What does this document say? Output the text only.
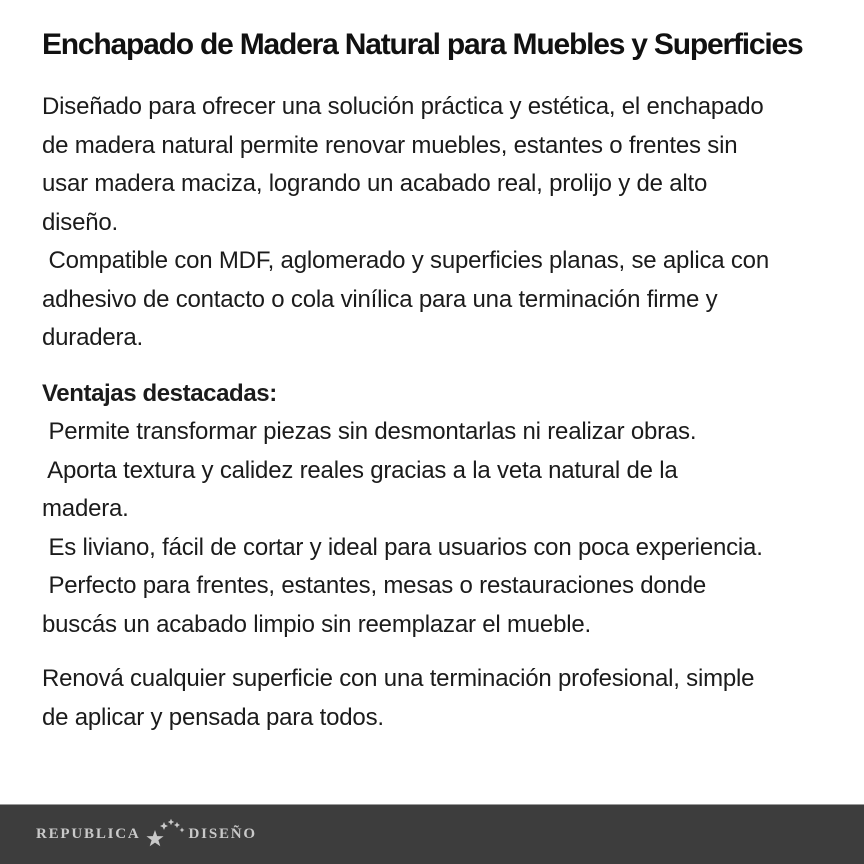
Enchapado de Madera Natural para Muebles y Superficies
Diseñado para ofrecer una solución práctica y estética, el enchapado
de madera natural permite renovar muebles, estantes o frentes sin
usar madera maciza, logrando un acabado real, prolijo y de alto
diseño.
Compatible con MDF, aglomerado y superficies planas, se aplica con
adhesivo de contacto o cola vinílica para una terminación firme y
duradera.
Ventajas destacadas:
Permite transformar piezas sin desmontarlas ni realizar obras.
Aporta textura y calidez reales gracias a la veta natural de la
madera.
Es liviano, fácil de cortar y ideal para usuarios con poca experiencia.
Perfecto para frentes, estantes, mesas o restauraciones donde
buscás un acabado limpio sin reemplazar el mueble.
Renová cualquier superficie con una terminación profesional, simple
de aplicar y pensada para todos.
REPUBLICA	DISEÑO
